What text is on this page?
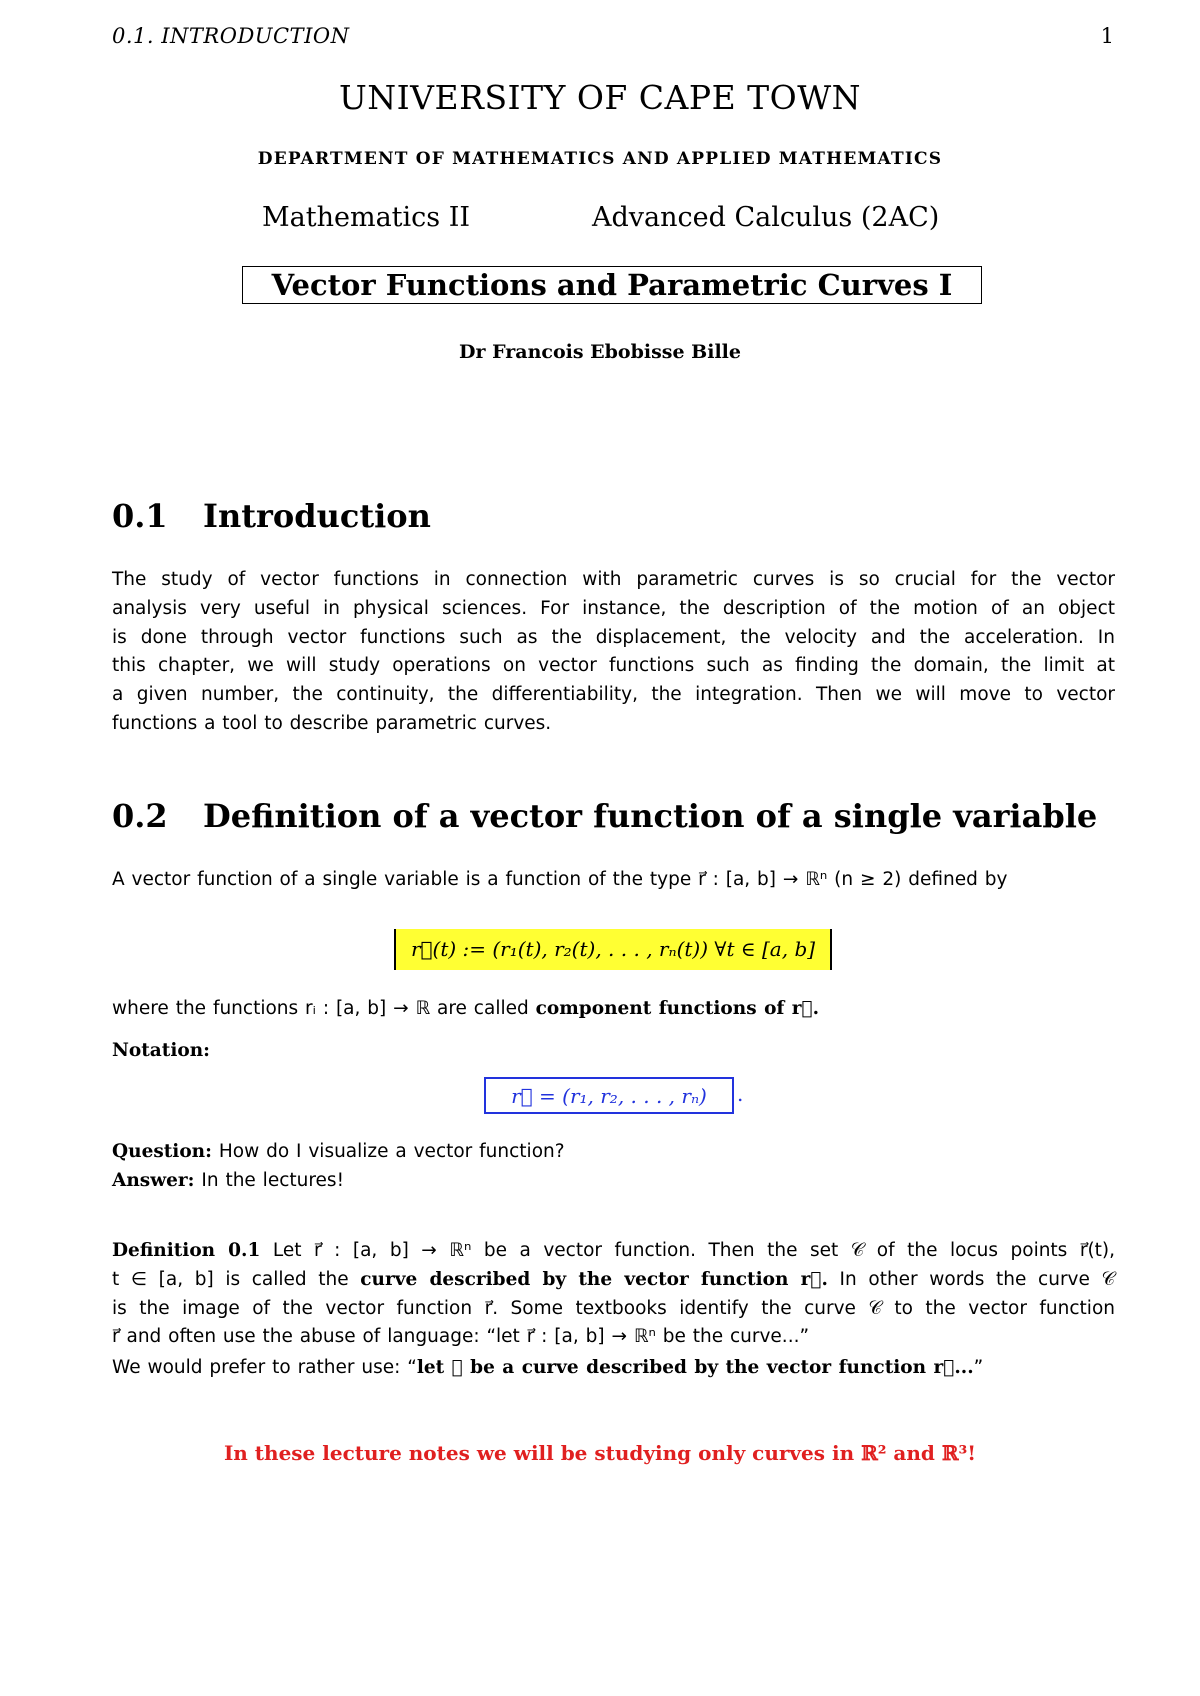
0.1. INTRODUCTION	1
UNIVERSITY OF CAPE TOWN
DEPARTMENT OF MATHEMATICS AND APPLIED MATHEMATICS
Mathematics II	Advanced Calculus (2AC)
Vector Functions and Parametric Curves I
Dr Francois Ebobisse Bille
0.1 Introduction
The study of vector functions in connection with parametric curves is so crucial for the vector
analysis very useful in physical sciences. For instance, the description of the motion of an object
is done through vector functions such as the displacement, the velocity and the acceleration. In
this chapter, we will study operations on vector functions such as finding the domain, the limit at
a given number, the continuity, the differentiability, the integration. Then we will move to vector
functions a tool to describe parametric curves.
0.2 Definition of a vector function of a single variable
A vector function of a single variable is a function of the type r⃗ : [a, b] → ℝⁿ (n ≥ 2) defined by
r⃗(t) := (r₁(t), r₂(t), . . . , rₙ(t)) ∀t ∈ [a, b]
where the functions rᵢ : [a, b] → ℝ are called component functions of r⃗.
Notation:
r⃗ = (r₁, r₂, . . . , rₙ)	.
Question: How do I visualize a vector function?
Answer: In the lectures!
Definition 0.1 Let r⃗ : [a, b] → ℝⁿ be a vector function. Then the set 𝒞 of the locus points r⃗(t),
t ∈ [a, b] is called the curve described by the vector function r⃗. In other words the curve 𝒞
is the image of the vector function r⃗. Some textbooks identify the curve 𝒞 to the vector function
r⃗ and often use the abuse of language: “let r⃗ : [a, b] → ℝⁿ be the curve...”
We would prefer to rather use: “let 𝒞 be a curve described by the vector function r⃗...”
In these lecture notes we will be studying only curves in ℝ² and ℝ³!
